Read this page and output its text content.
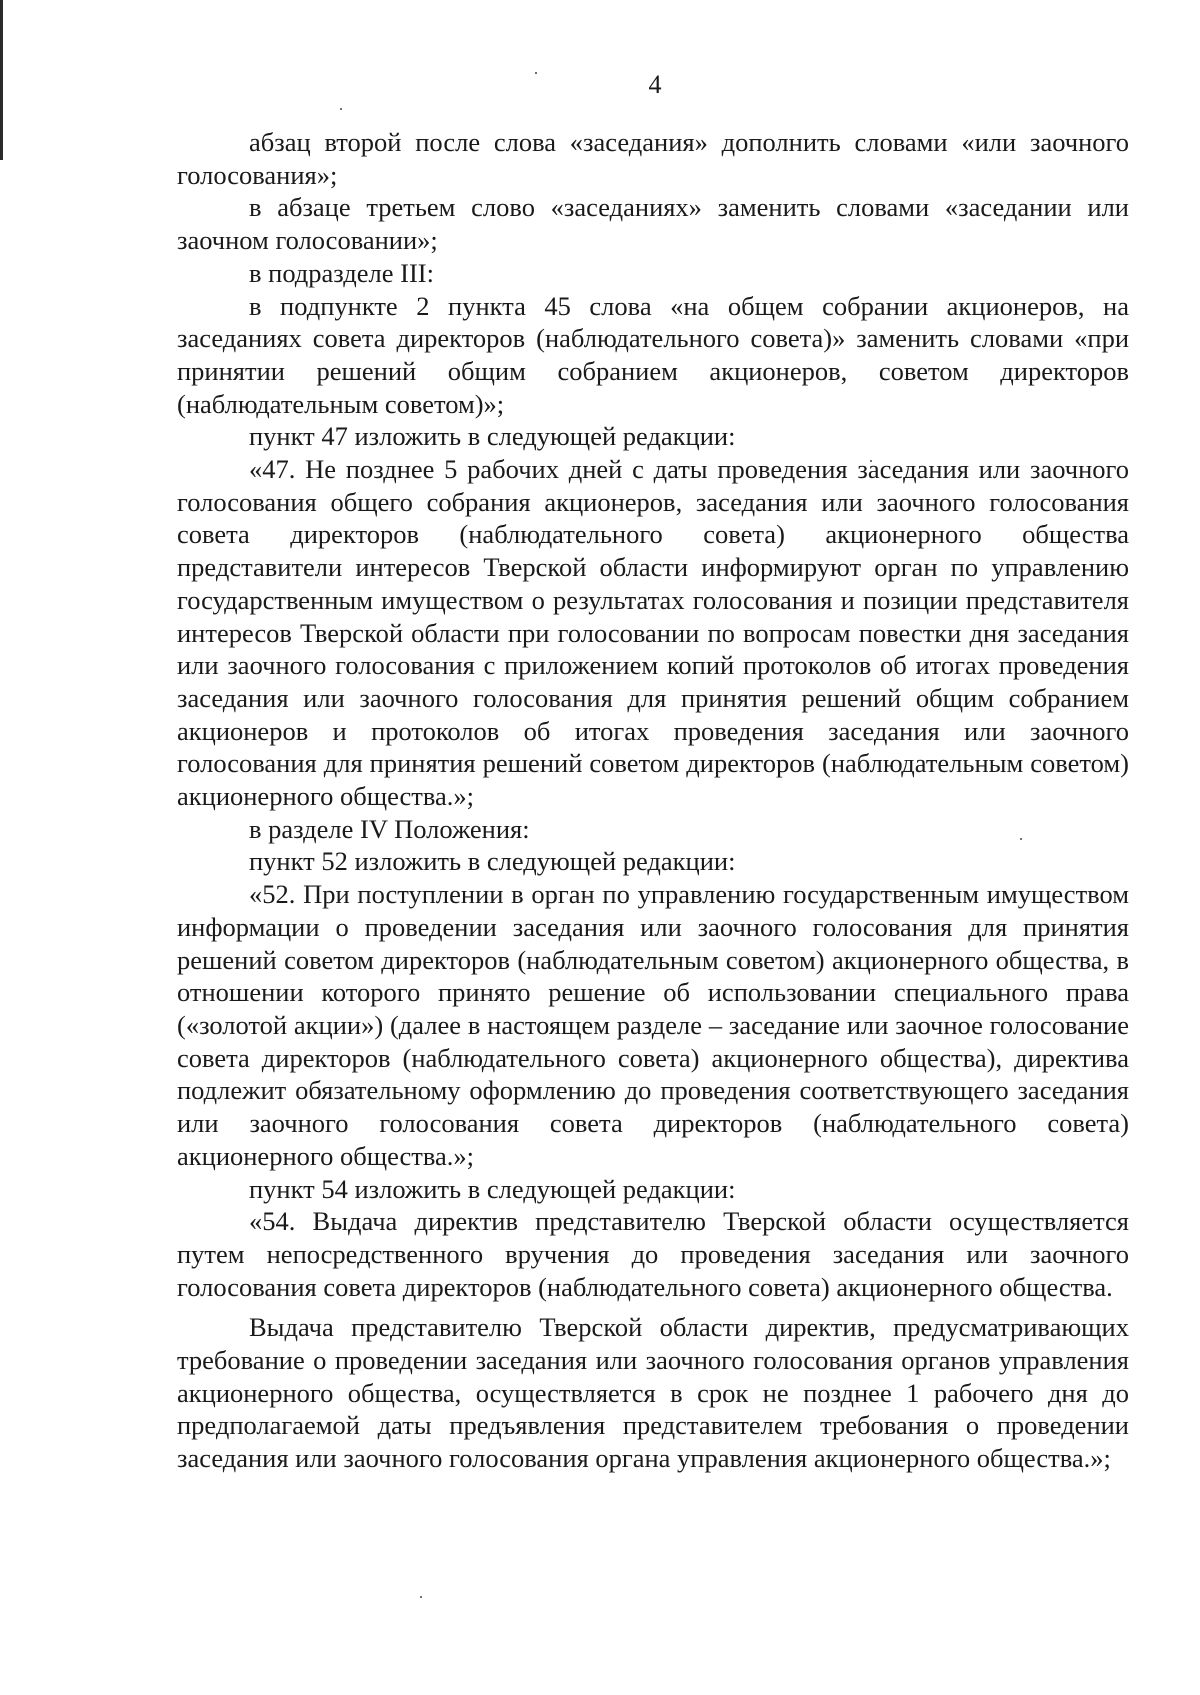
4

абзац второй после слова «заседания» дополнить словами «или заочного голосования»;

в абзаце третьем слово «заседаниях» заменить словами «заседании или заочном голосовании»;

в подразделе III:

в подпункте 2 пункта 45 слова «на общем собрании акционеров, на заседаниях совета директоров (наблюдательного совета)» заменить словами «при принятии решений общим собранием акционеров, советом директоров (наблюдательным советом)»;

пункт 47 изложить в следующей редакции:

«47. Не позднее 5 рабочих дней с даты проведения заседания или заочного голосования общего собрания акционеров, заседания или заочного голосования совета директоров (наблюдательного совета) акционерного общества представители интересов Тверской области информируют орган по управлению государственным имуществом о результатах голосования и позиции представителя интересов Тверской области при голосовании по вопросам повестки дня заседания или заочного голосования с приложением копий протоколов об итогах проведения заседания или заочного голосования для принятия решений общим собранием акционеров и протоколов об итогах проведения заседания или заочного голосования для принятия решений советом директоров (наблюдательным советом) акционерного общества.»;

в разделе IV Положения:

пункт 52 изложить в следующей редакции:

«52. При поступлении в орган по управлению государственным имуществом информации о проведении заседания или заочного голосования для принятия решений советом директоров (наблюдательным советом) акционерного общества, в отношении которого принято решение об использовании специального права («золотой акции») (далее в настоящем разделе – заседание или заочное голосование совета директоров (наблюдательного совета) акционерного общества), директива подлежит обязательному оформлению до проведения соответствующего заседания или заочного голосования совета директоров (наблюдательного совета) акционерного общества.»;

пункт 54 изложить в следующей редакции:

«54. Выдача директив представителю Тверской области осуществляется путем непосредственного вручения до проведения заседания или заочного голосования совета директоров (наблюдательного совета) акционерного общества.

Выдача представителю Тверской области директив, предусматривающих требование о проведении заседания или заочного голосования органов управления акционерного общества, осуществляется в срок не позднее 1 рабочего дня до предполагаемой даты предъявления представителем требования о проведении заседания или заочного голосования органа управления акционерного общества.»;
